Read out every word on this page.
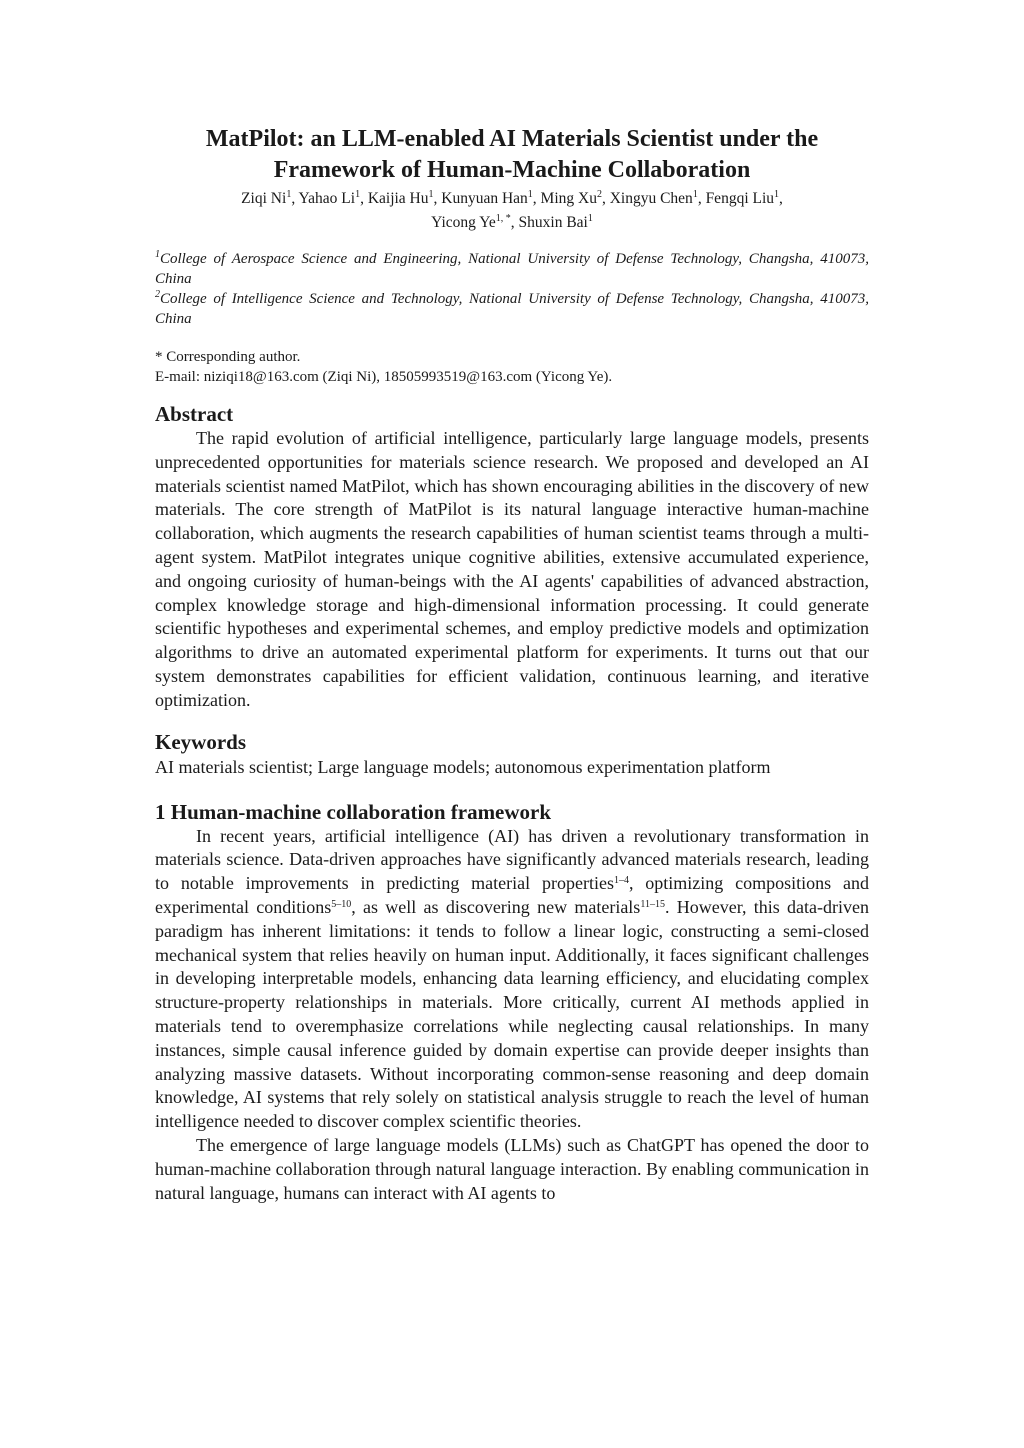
MatPilot: an LLM-enabled AI Materials Scientist under the
Framework of Human-Machine Collaboration
Ziqi Ni$^1$, Yahao Li$^1$, Kaijia Hu$^1$, Kunyuan Han$^1$, Ming Xu$^2$, Xingyu Chen$^1$, Fengqi Liu$^1$,
Yicong $Ye^{1, *}$, Shuxin Bai$^1$
$^1$College of Aerospace Science and Engineering, National University of Defense Technology, Changsha, 410073, China
$^2$College of Intelligence Science and Technology, National University of Defense Technology, Changsha, 410073, China
* Corresponding author.
E-mail: niziqi18@163.com (Ziqi Ni), 18505993519@163.com (Yicong Ye).
Abstract

The rapid evolution of artificial intelligence, particularly large language models, presents unprecedented opportunities for materials science research. We proposed and developed an AI materials scientist named MatPilot, which has shown encouraging abilities in the discovery of new materials. The core strength of MatPilot is its natural language interactive human-machine collaboration, which augments the research capabilities of human scientist teams through a multi-agent system. MatPilot integrates unique cognitive abilities, extensive accumulated experience, and ongoing curiosity of human-beings with the AI agents' capabilities of advanced abstraction, complex knowledge storage and high-dimensional information processing. It could generate scientific hypotheses and experimental schemes, and employ predictive models and optimization algorithms to drive an automated experimental platform for experiments. It turns out that our system demonstrates capabilities for efficient validation, continuous learning, and iterative optimization.

Keywords

AI materials scientist; Large language models; autonomous experimentation platform

1 Human-machine collaboration framework

In recent years, artificial intelligence (AI) has driven a revolutionary transformation in materials science. Data-driven approaches have significantly advanced materials research, leading to notable improvements in predicting material properties$^{1-4}$, optimizing compositions and experimental conditions$^{5-10}$, as well as discovering new materials$^{11-15}$. However, this data-driven paradigm has inherent limitations: it tends to follow a linear logic, constructing a semi-closed mechanical system that relies heavily on human input. Additionally, it faces significant challenges in developing interpretable models, enhancing data learning efficiency, and elucidating complex structure-property relationships in materials. More critically, current AI methods applied in materials tend to overemphasize correlations while neglecting causal relationships. In many instances, simple causal inference guided by domain expertise can provide deeper insights than analyzing massive datasets. Without incorporating common-sense reasoning and deep domain knowledge, AI systems that rely solely on statistical analysis struggle to reach the level of human intelligence needed to discover complex scientific theories.

The emergence of large language models (LLMs) such as ChatGPT has opened the door to human-machine collaboration through natural language interaction. By enabling communication in natural language, humans can interact with AI agents to
